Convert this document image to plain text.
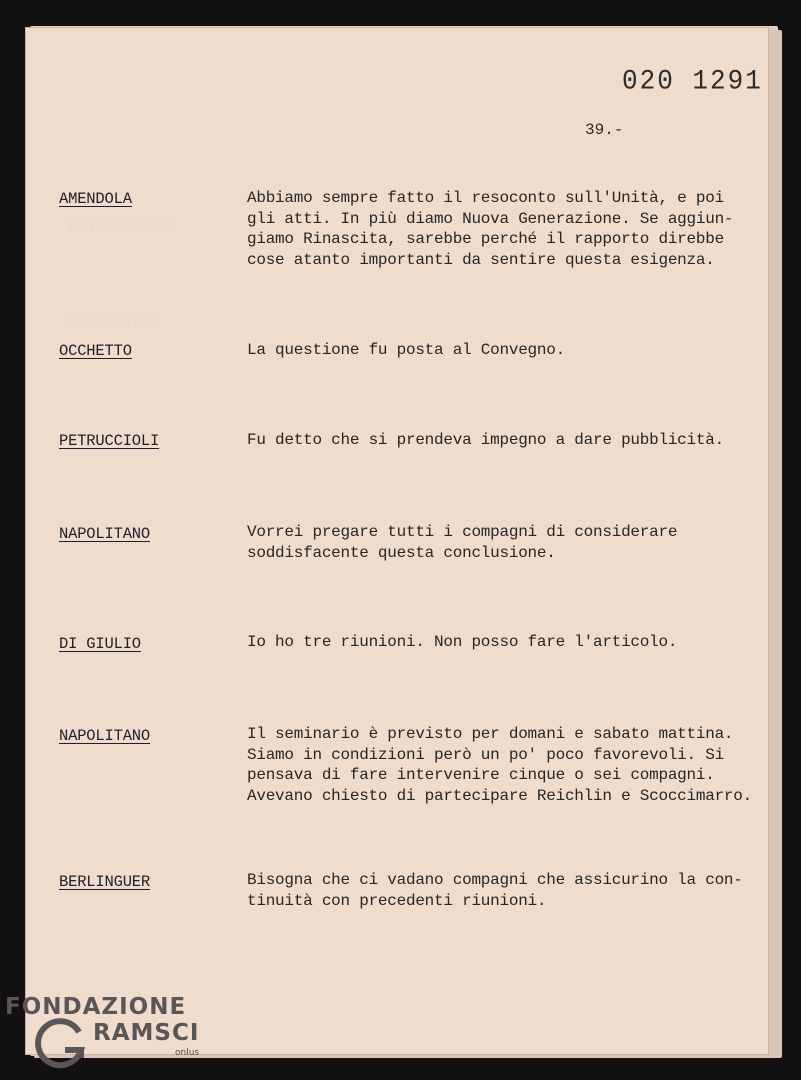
PETRUCCIOLI
NAPOLITANO
020 1291
39.-
AMENDOLA	Abbiamo sempre fatto il resoconto sull'Unità, e poi
gli atti. In più diamo Nuova Generazione. Se aggiun-
giamo Rinascita, sarebbe perché il rapporto direbbe
cose atanto importanti da sentire questa esigenza.
OCCHETTO	La questione fu posta al Convegno.
PETRUCCIOLI	Fu detto che si prendeva impegno a dare pubblicità.
NAPOLITANO	Vorrei pregare tutti i compagni di considerare
soddisfacente questa conclusione.
DI GIULIO	Io ho tre riunioni. Non posso fare l'articolo.
NAPOLITANO	Il seminario è previsto per domani e sabato mattina.
Siamo in condizioni però un po' poco favorevoli. Si
pensava di fare intervenire cinque o sei compagni.
Avevano chiesto di partecipare Reichlin e Scoccimarro.
BERLINGUER	Bisogna che ci vadano compagni che assicurino la con-
tinuità con precedenti riunioni.
FONDAZIONE
RAMSCI
onlus
